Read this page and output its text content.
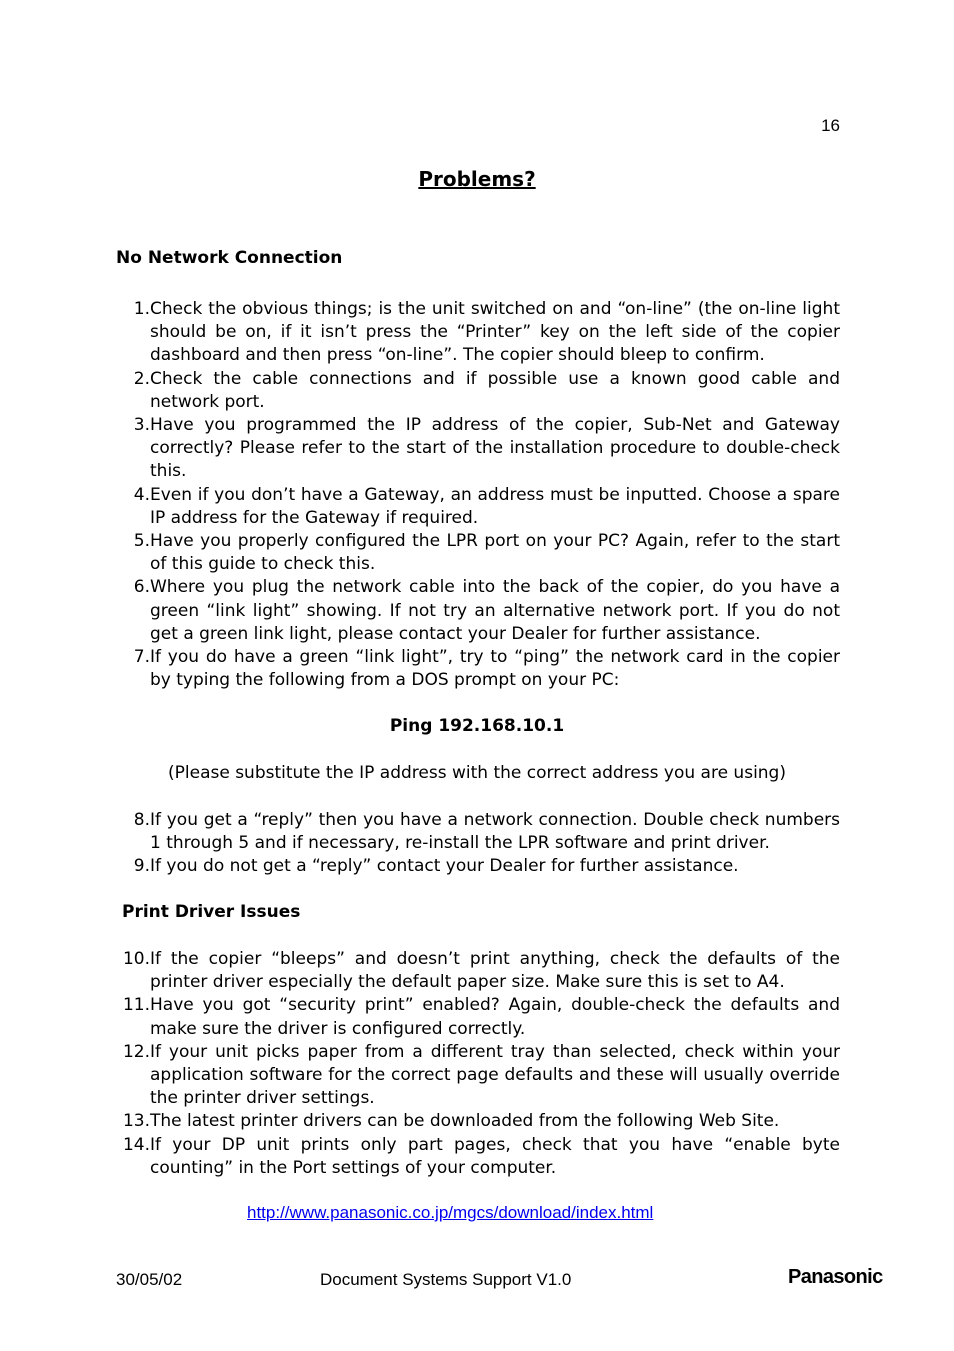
16
Problems?
No Network Connection
1. Check the obvious things; is the unit switched on and “on-line” (the on-line light should be on, if it isn’t press the “Printer” key on the left side of the copier dashboard and then press “on-line”. The copier should bleep to confirm.
2. Check the cable connections and if possible use a known good cable and network port.
3. Have you programmed the IP address of the copier, Sub-Net and Gateway correctly? Please refer to the start of the installation procedure to double-check this.
4. Even if you don’t have a Gateway, an address must be inputted. Choose a spare IP address for the Gateway if required.
5. Have you properly configured the LPR port on your PC? Again, refer to the start of this guide to check this.
6. Where you plug the network cable into the back of the copier, do you have a green “link light” showing. If not try an alternative network port. If you do not get a green link light, please contact your Dealer for further assistance.
7. If you do have a green “link light”, try to “ping” the network card in the copier by typing the following from a DOS prompt on your PC:
Ping 192.168.10.1
(Please substitute the IP address with the correct address you are using)
8. If you get a “reply” then you have a network connection. Double check numbers 1 through 5 and if necessary, re-install the LPR software and print driver.
9. If you do not get a “reply” contact your Dealer for further assistance.
Print Driver Issues
10. If the copier “bleeps” and doesn’t print anything, check the defaults of the printer driver especially the default paper size. Make sure this is set to A4.
11. Have you got “security print” enabled? Again, double-check the defaults and make sure the driver is configured correctly.
12. If your unit picks paper from a different tray than selected, check within your application software for the correct page defaults and these will usually override the printer driver settings.
13. The latest printer drivers can be downloaded from the following Web Site.
14. If your DP unit prints only part pages, check that you have “enable byte counting” in the Port settings of your computer.
http://www.panasonic.co.jp/mgcs/download/index.html
30/05/02	Document Systems Support V1.0	Panasonic
